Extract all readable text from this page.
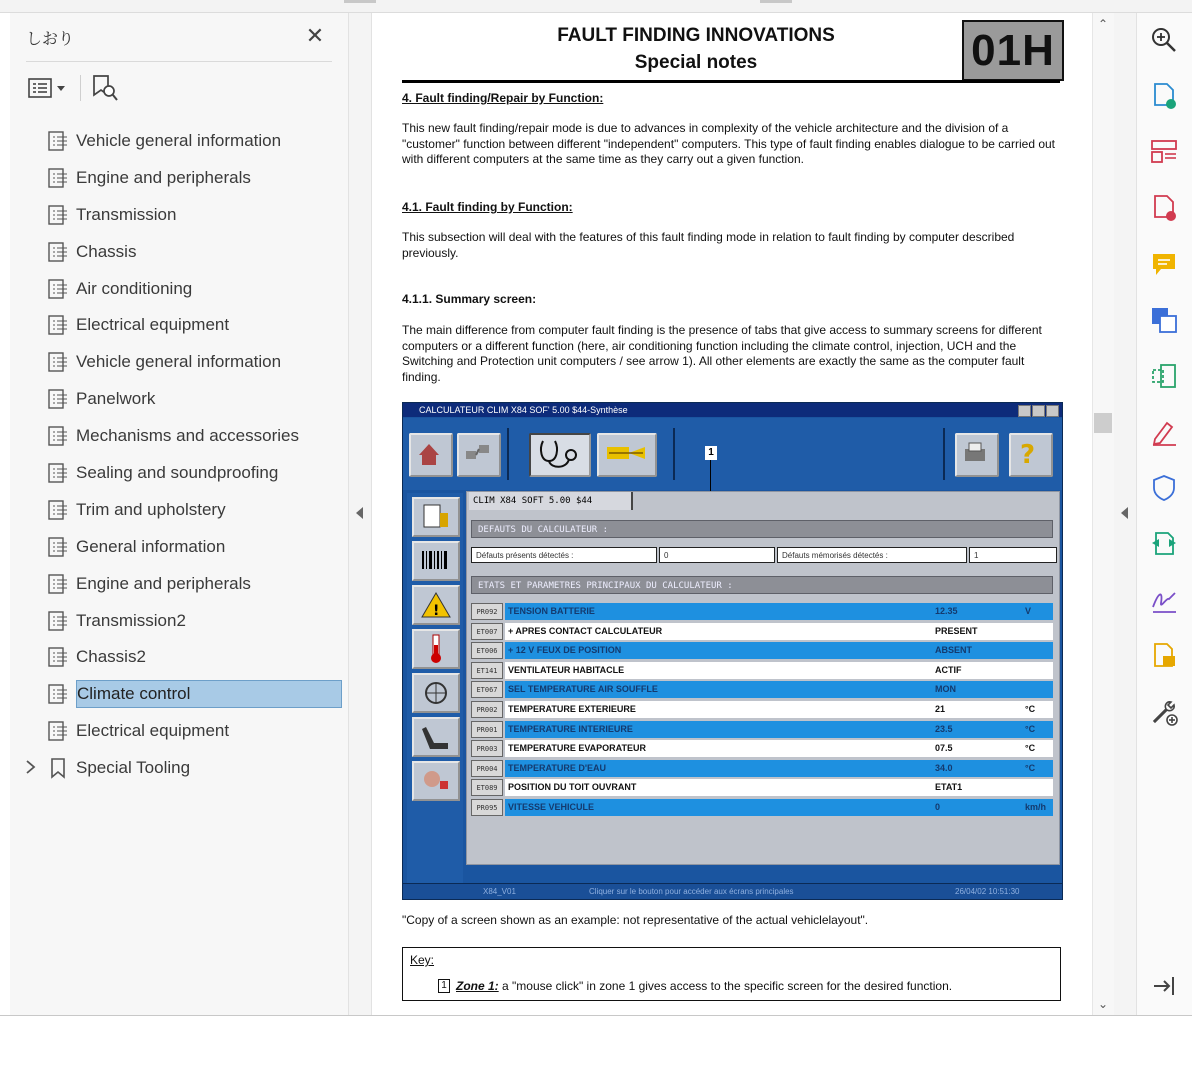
しおり	✕
Vehicle general information
Engine and peripherals
Transmission
Chassis
Air conditioning
Electrical equipment
Vehicle general information
Panelwork
Mechanisms and accessories
Sealing and soundproofing
Trim and upholstery
General information
Engine and peripherals
Transmission2
Chassis2
Climate control
Electrical equipment
Special Tooling
FAULT FINDING INNOVATIONS
Special notes	01H
4. Fault finding/Repair by Function:
This new fault finding/repair mode is due to advances in complexity of the vehicle architecture and the division of a "customer" function between different "independent" computers. This type of fault finding enables dialogue to be carried out with different computers at the same time as they carry out a given function.
4.1. Fault finding by Function:
This subsection will deal with the features of this fault finding mode in relation to fault finding by computer described previously.
4.1.1. Summary screen:
The main difference from computer fault finding is the presence of tabs that give access to summary screens for different computers or a different function (here, air conditioning function including the climate control, injection, UCH and the Switching and Protection unit computers / see arrow 1). All other elements are exactly the same as the computer fault finding.
CALCULATEUR CLIM X84 SOF' 5.00 $44-Synthèse
1	?
!
CLIM X84 SOFT 5.00 $44
DEFAUTS DU CALCULATEUR :
Défauts présents détectés :	0	Défauts mémorisés détectés :	1
ETATS ET PARAMETRES PRINCIPAUX DU CALCULATEUR :
PR092	TENSION BATTERIE	12.35	V
ET007	+ APRES CONTACT CALCULATEUR	PRESENT
ET006	+ 12 V FEUX DE POSITION	ABSENT
ET141	VENTILATEUR HABITACLE	ACTIF
ET067	SEL TEMPERATURE AIR SOUFFLE	MON
PR002	TEMPERATURE EXTERIEURE	21	°C
PR001	TEMPERATURE INTERIEURE	23.5	°C
PR003	TEMPERATURE EVAPORATEUR	07.5	°C
PR004	TEMPERATURE D'EAU	34.0	°C
ET089	POSITION DU TOIT OUVRANT	ETAT1
PR095	VITESSE VEHICULE	0	km/h
X84_V01	Cliquer sur le bouton pour accéder aux écrans principales	26/04/02 10:51:30
"Copy of a screen shown as an example: not representative of the actual vehiclelayout".
Key:
1 Zone 1: a "mouse click" in zone 1 gives access to the specific screen for the desired function.
⌃
⌄
